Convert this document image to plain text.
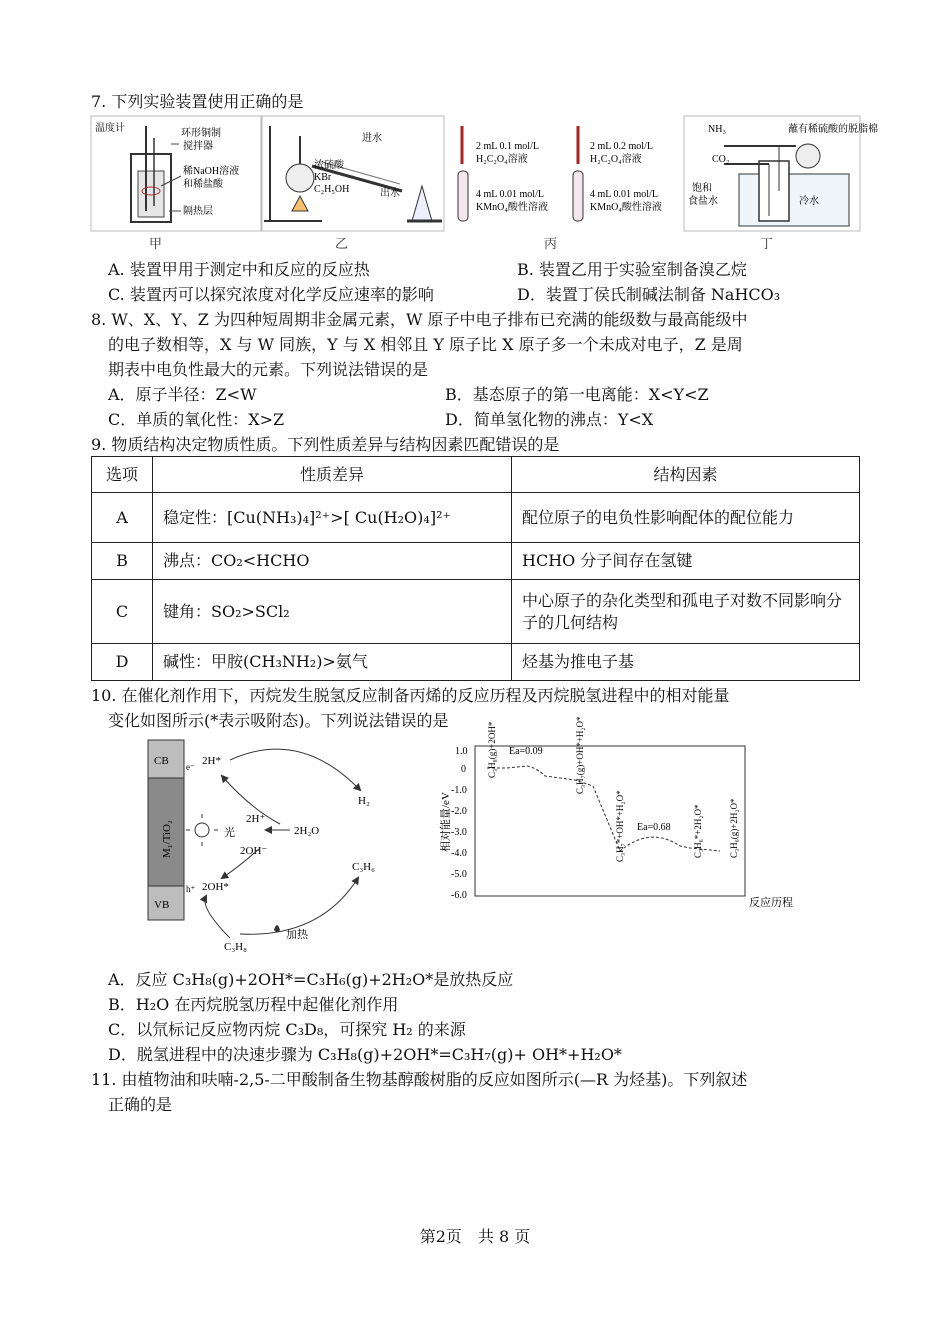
7. 下列实验装置使用正确的是
温度计	环形铜制
搅拌器
稀NaOH溶液
和稀盐酸
隔热层
甲
进水
浓硫酸
KBr
C₂H₅OH	出水
乙
2 mL 0.1 mol/L
H₂C₂O₄溶液
4 mL 0.01 mol/L
KMnO₄酸性溶液
2 mL 0.2 mol/L
H₂C₂O₄溶液
4 mL 0.01 mol/L
KMnO₄酸性溶液
丙
NH₃
CO₂
蘸有稀硫酸的脱脂棉
饱和
食盐水	冷水
丁
A. 装置甲用于测定中和反应的反应热	B. 装置乙用于实验室制备溴乙烷
C. 装置丙可以探究浓度对化学反应速率的影响	D．装置丁侯氏制碱法制备 NaHCO₃
8. W、X、Y、Z 为四种短周期非金属元素，W 原子中电子排布已充满的能级数与最高能级中
的电子数相等，X 与 W 同族，Y 与 X 相邻且 Y 原子比 X 原子多一个未成对电子，Z 是周
期表中电负性最大的元素。下列说法错误的是
A．原子半径：Z<W	B．基态原子的第一电离能：X<Y<Z
C．单质的氧化性：X>Z	D．简单氢化物的沸点：Y<X
9. 物质结构决定物质性质。下列性质差异与结构因素匹配错误的是
选项	性质差异	结构因素
A	稳定性：[Cu(NH₃)₄]²⁺>[ Cu(H₂O)₄]²⁺	配位原子的电负性影响配体的配位能力
B	沸点：CO₂<HCHO	HCHO 分子间存在氢键
C	键角：SO₂>SCl₂	中心原子的杂化类型和孤电子对数不同影响分子的几何结构
D	碱性：甲胺(CH₃NH₂)>氨气	烃基为推电子基
10. 在催化剂作用下，丙烷发生脱氢反应制备丙烯的反应历程及丙烷脱氢进程中的相对能量
变化如图所示(*表示吸附态)。下列说法错误的是
CB
VB
M₁/TiO₂
e⁻
h⁺
2H*
H₂
2H⁺
光	2H₂O
2OH⁻
2OH*
C₃H₆
C₃H₈
加热
相对能量/eV
反应历程
1.0
0
-1.0
-2.0
-3.0
-4.0
-5.0
-6.0
Ea=0.09
Ea=0.68
C₃H₈(g)+2OH*	C₃H₇(g)+OH*+H₂O*
C₃H₇*+OH*+H₂O*	C₃H₆*+2H₂O*	C₃H₆(g)+2H₂O*
A．反应 C₃H₈(g)+2OH*=C₃H₆(g)+2H₂O*是放热反应
B．H₂O 在丙烷脱氢历程中起催化剂作用
C．以氘标记反应物丙烷 C₃D₈，可探究 H₂ 的来源
D．脱氢进程中的决速步骤为 C₃H₈(g)+2OH*=C₃H₇(g)+ OH*+H₂O*
11. 由植物油和呋喃-2,5-二甲酸制备生物基醇酸树脂的反应如图所示(—R 为烃基)。下列叙述
正确的是
第2页　共 8 页
